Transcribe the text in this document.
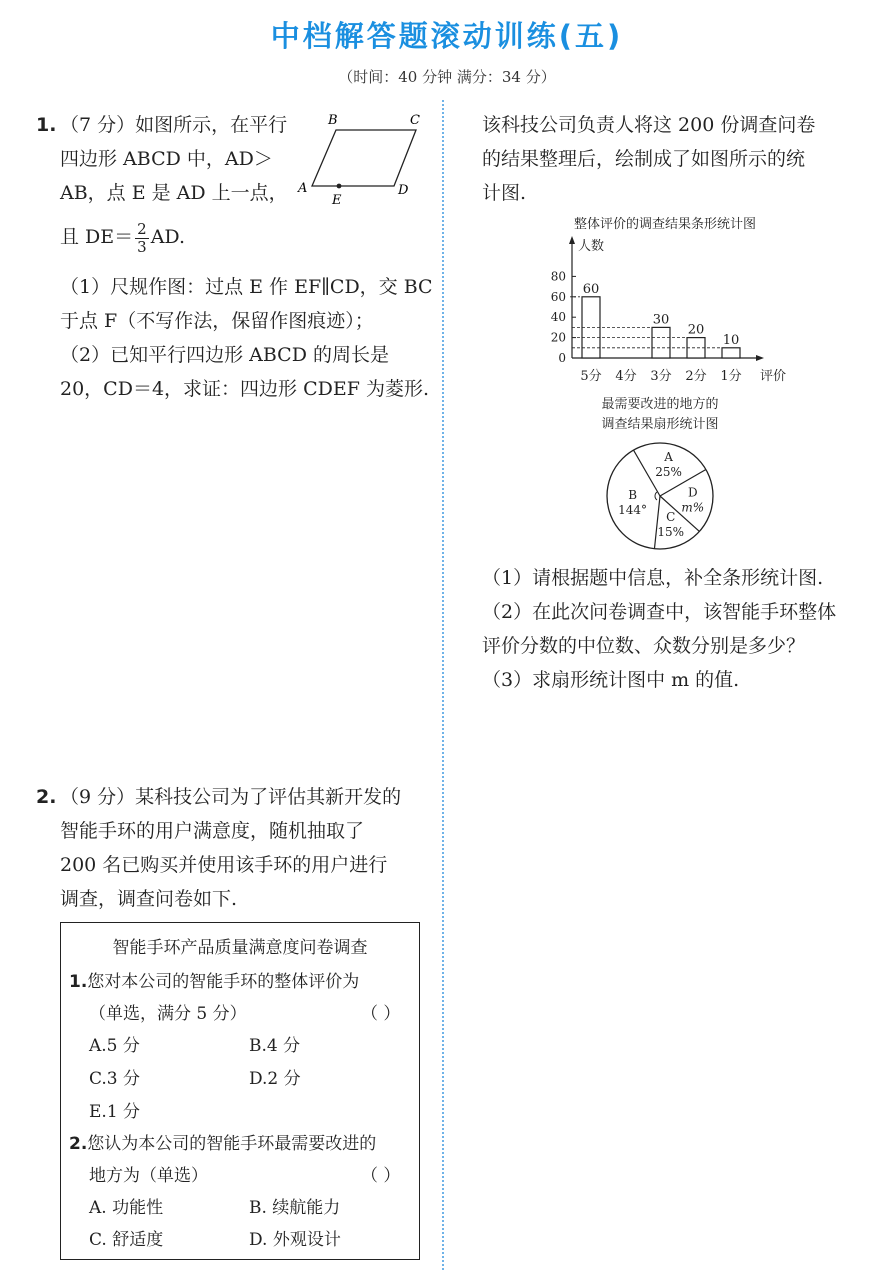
中档解答题滚动训练(五)
（时间：40 分钟 满分：34 分）
1. （7 分）如图所示，在平行
四边形 ABCD 中，AD＞
AB，点 E 是 AD 上一点，
且 $DE= \frac{2}{3}$ AD.
（1）尺规作图：过点 E 作 EF∥CD，交 BC
于点 F（不写作法，保留作图痕迹）；
（2）已知平行四边形 ABCD 的周长是
20，CD＝4，求证：四边形 CDEF 为菱形.
A
B	C
D
E
2. （9 分）某科技公司为了评估其新开发的
智能手环的用户满意度，随机抽取了
200 名已购买并使用该手环的用户进行
调查，调查问卷如下.
智能手环产品质量满意度问卷调查
1.您对本公司的智能手环的整体评价为
（单选，满分 5 分）	（ ）
A.5 分	B.4 分
C.3 分	D.2 分
E.1 分
2.您认为本公司的智能手环最需要改进的
地方为（单选）	（ ）
A. 功能性	B. 续航能力
C. 舒适度	D. 外观设计
该科技公司负责人将这 200 份调查问卷
的结果整理后，绘制成了如图所示的统
计图.
整体评价的调查结果条形统计图
人数
评价
0
20
40
60
80
60
5分 4分
30
3分
20
2分
10
1分
最需要改进的地方的
调查结果扇形统计图
A
25%
D
m%
C
15%
B
144°
（1）请根据题中信息，补全条形统计图.
（2）在此次问卷调查中，该智能手环整体
评价分数的中位数、众数分别是多少？
（3）求扇形统计图中 m 的值.
